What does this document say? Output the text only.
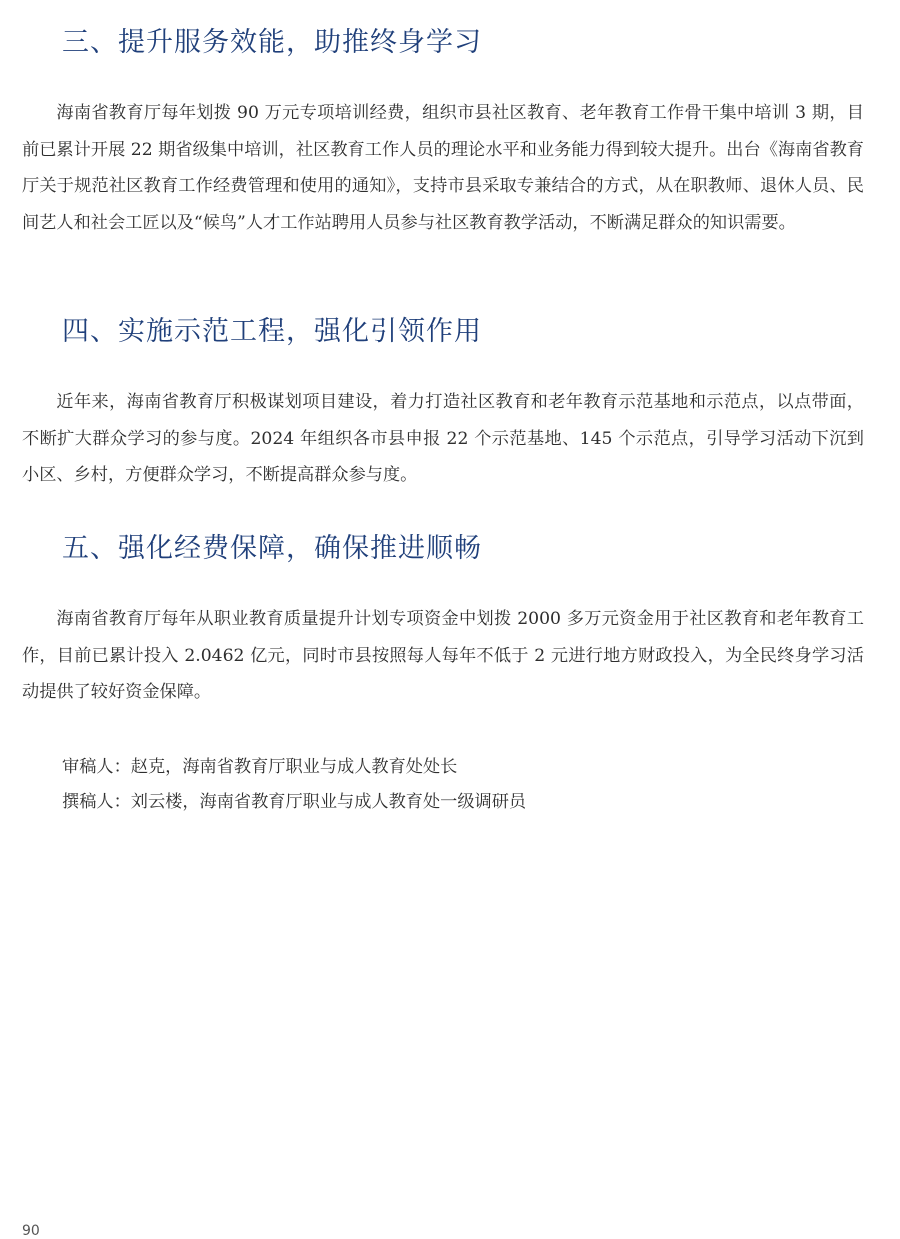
三、提升服务效能，助推终身学习

海南省教育厅每年划拨 90 万元专项培训经费，组织市县社区教育、老年教育工作骨干集中培训 3 期，目前已累计开展 22 期省级集中培训，社区教育工作人员的理论水平和业务能力得到较大提升。出台《海南省教育厅关于规范社区教育工作经费管理和使用的通知》，支持市县采取专兼结合的方式，从在职教师、退休人员、民间艺人和社会工匠以及“候鸟”人才工作站聘用人员参与社区教育教学活动，不断满足群众的知识需要。

四、实施示范工程，强化引领作用

近年来，海南省教育厅积极谋划项目建设，着力打造社区教育和老年教育示范基地和示范点，以点带面，不断扩大群众学习的参与度。2024 年组织各市县申报 22 个示范基地、145 个示范点，引导学习活动下沉到小区、乡村，方便群众学习，不断提高群众参与度。

五、强化经费保障，确保推进顺畅

海南省教育厅每年从职业教育质量提升计划专项资金中划拨 2000 多万元资金用于社区教育和老年教育工作，目前已累计投入 2.0462 亿元，同时市县按照每人每年不低于 2 元进行地方财政投入，为全民终身学习活动提供了较好资金保障。

审稿人：赵克，海南省教育厅职业与成人教育处处长
撰稿人：刘云楼，海南省教育厅职业与成人教育处一级调研员
90
